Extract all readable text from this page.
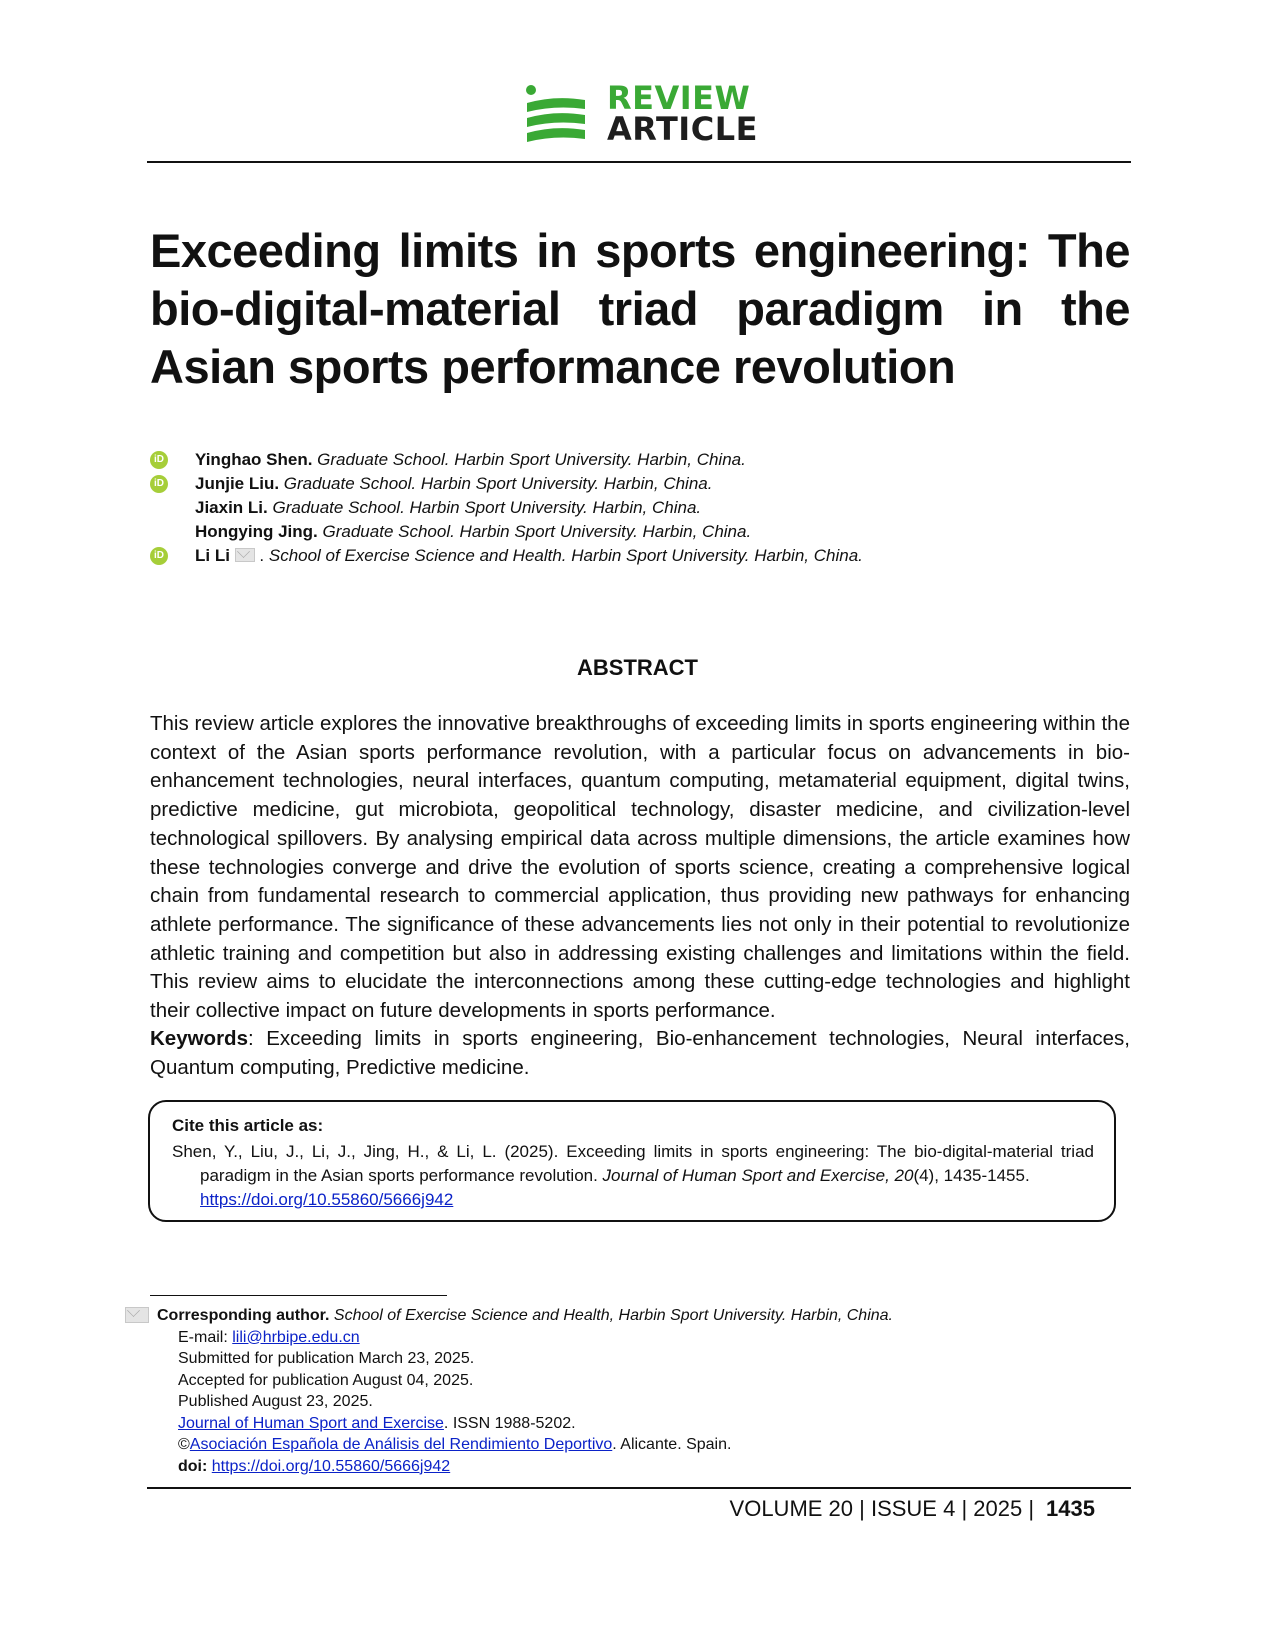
REVIEW
ARTICLE
Exceeding limits in sports engineering: The bio-digital-material triad paradigm in the Asian sports performance revolution
iD Yinghao Shen. Graduate School. Harbin Sport University. Harbin, China.
iD Junjie Liu. Graduate School. Harbin Sport University. Harbin, China.
Jiaxin Li. Graduate School. Harbin Sport University. Harbin, China.
Hongying Jing. Graduate School. Harbin Sport University. Harbin, China.
iD Li Li  . School of Exercise Science and Health. Harbin Sport University. Harbin, China.
ABSTRACT
This review article explores the innovative breakthroughs of exceeding limits in sports engineering within the context of the Asian sports performance revolution, with a particular focus on advancements in bio-enhancement technologies, neural interfaces, quantum computing, metamaterial equipment, digital twins, predictive medicine, gut microbiota, geopolitical technology, disaster medicine, and civilization-level technological spillovers. By analysing empirical data across multiple dimensions, the article examines how these technologies converge and drive the evolution of sports science, creating a comprehensive logical chain from fundamental research to commercial application, thus providing new pathways for enhancing athlete performance. The significance of these advancements lies not only in their potential to revolutionize athletic training and competition but also in addressing existing challenges and limitations within the field. This review aims to elucidate the interconnections among these cutting-edge technologies and highlight their collective impact on future developments in sports performance.
Keywords: Exceeding limits in sports engineering, Bio-enhancement technologies, Neural interfaces, Quantum computing, Predictive medicine.
Cite this article as:
Shen, Y., Liu, J., Li, J., Jing, H., & Li, L. (2025). Exceeding limits in sports engineering: The bio-digital-material triad paradigm in the Asian sports performance revolution. Journal of Human Sport and Exercise, 20(4), 1435-1455.
https://doi.org/10.55860/5666j942
Corresponding author. School of Exercise Science and Health, Harbin Sport University. Harbin, China.
E-mail: lili@hrbipe.edu.cn
Submitted for publication March 23, 2025.
Accepted for publication August 04, 2025.
Published August 23, 2025.
Journal of Human Sport and Exercise. ISSN 1988-5202.
©Asociación Española de Análisis del Rendimiento Deportivo. Alicante. Spain.
doi: https://doi.org/10.55860/5666j942
VOLUME 20 | ISSUE 4 | 2025 | 1435
